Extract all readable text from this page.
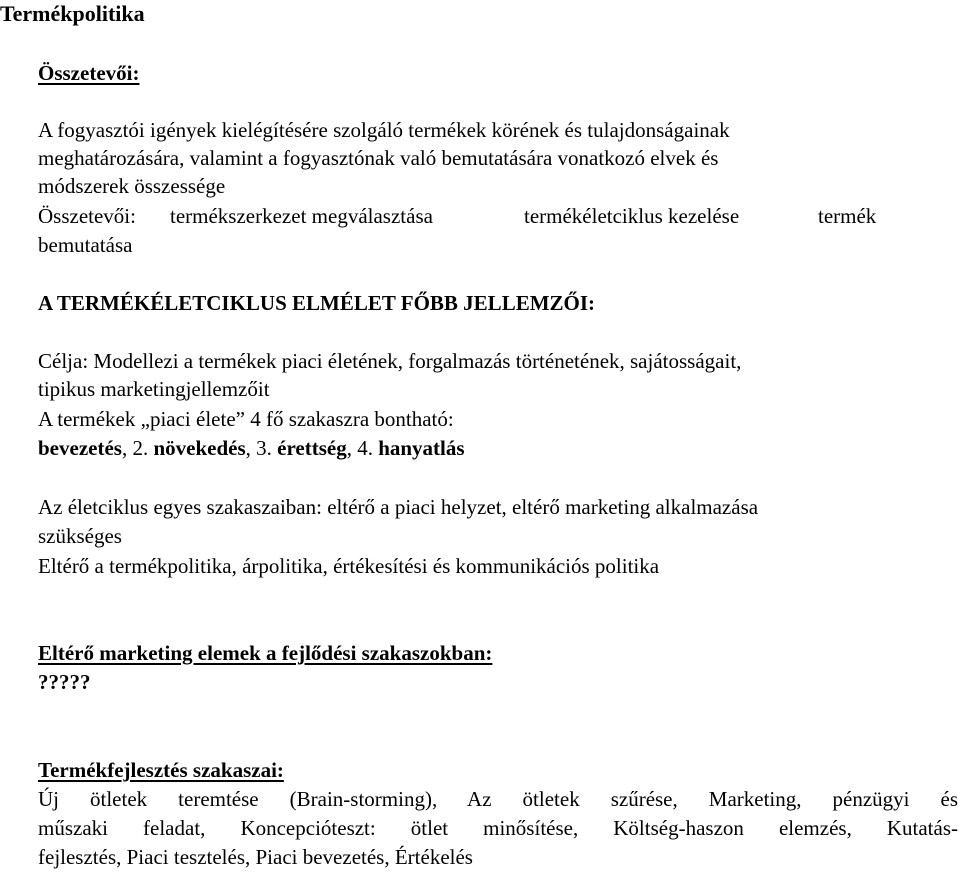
Termékpolitika
Összetevői:
A fogyasztói igények kielégítésére szolgáló termékek körének és tulajdonságainak
meghatározására, valamint a fogyasztónak való bemutatására vonatkozó elvek és
módszerek összessége
Összetevői: termékszerkezet megválasztása	termékéletciklus kezelése	termék
bemutatása
A TERMÉKÉLETCIKLUS ELMÉLET FŐBB JELLEMZŐI:
Célja: Modellezi a termékek piaci életének, forgalmazás történetének, sajátosságait,
tipikus marketingjellemzőit
A termékek „piaci élete” 4 fő szakaszra bontható:
bevezetés, 2. növekedés, 3. érettség, 4. hanyatlás
Az életciklus egyes szakaszaiban: eltérő a piaci helyzet, eltérő marketing alkalmazása
szükséges
Eltérő a termékpolitika, árpolitika, értékesítési és kommunikációs politika
Eltérő marketing elemek a fejlődési szakaszokban:
?????
Termékfejlesztés szakaszai:
Új ötletek teremtése (Brain-storming), Az ötletek szűrése, Marketing, pénzügyi és
műszaki feladat, Koncepcióteszt: ötlet minősítése, Költség-haszon elemzés, Kutatás-
fejlesztés, Piaci tesztelés, Piaci bevezetés, Értékelés
